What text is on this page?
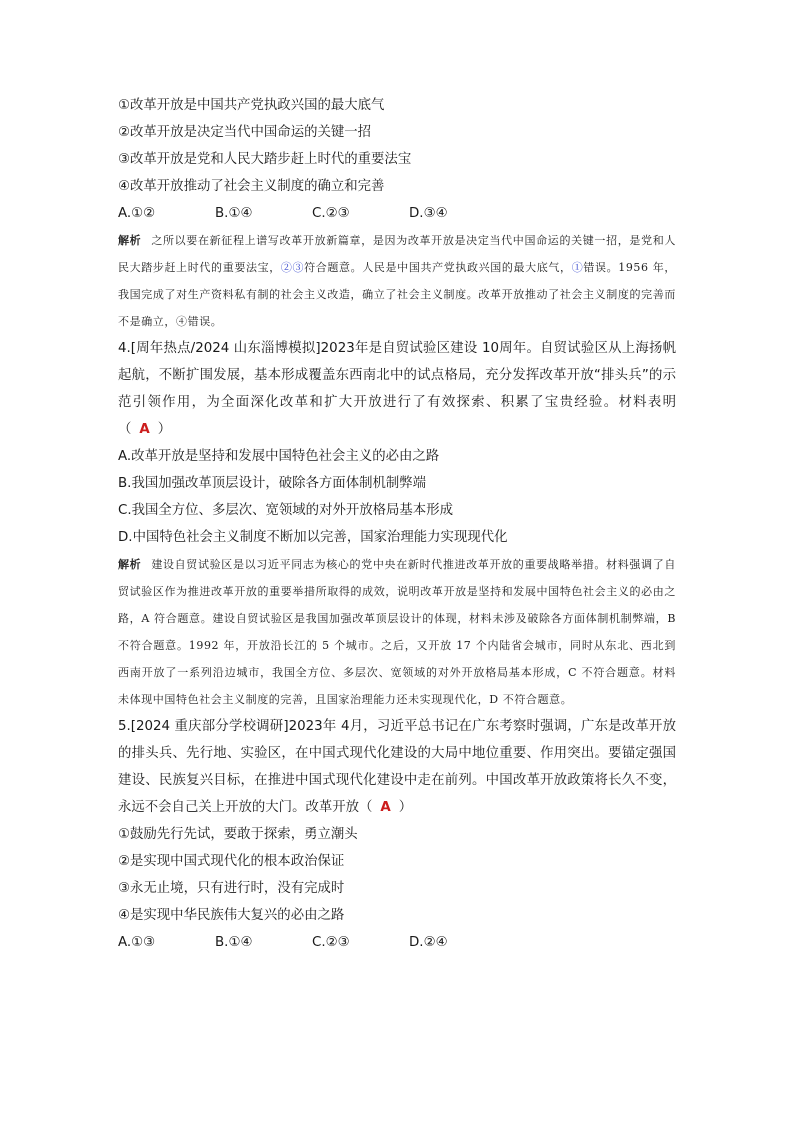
①改革开放是中国共产党执政兴国的最大底气
②改革开放是决定当代中国命运的关键一招
③改革开放是党和人民大踏步赶上时代的重要法宝
④改革开放推动了社会主义制度的确立和完善
A.①②	B.①④	C.②③	D.③④
解析 之所以要在新征程上谱写改革开放新篇章，是因为改革开放是决定当代中国命运的关键一招，是党和人民大踏步赶上时代的重要法宝，②③符合题意。人民是中国共产党执政兴国的最大底气，①错误。1956 年，我国完成了对生产资料私有制的社会主义改造，确立了社会主义制度。改革开放推动了社会主义制度的完善而不是确立，④错误。
4.[周年热点/2024 山东淄博模拟]2023年是自贸试验区建设 10周年。自贸试验区从上海扬帆起航，不断扩围发展，基本形成覆盖东西南北中的试点格局，充分发挥改革开放“排头兵”的示范引领作用，为全面深化改革和扩大开放进行了有效探索、积累了宝贵经验。材料表明（ A ）
A.改革开放是坚持和发展中国特色社会主义的必由之路
B.我国加强改革顶层设计，破除各方面体制机制弊端
C.我国全方位、多层次、宽领域的对外开放格局基本形成
D.中国特色社会主义制度不断加以完善，国家治理能力实现现代化
解析 建设自贸试验区是以习近平同志为核心的党中央在新时代推进改革开放的重要战略举措。材料强调了自贸试验区作为推进改革开放的重要举措所取得的成效，说明改革开放是坚持和发展中国特色社会主义的必由之路，A 符合题意。建设自贸试验区是我国加强改革顶层设计的体现，材料未涉及破除各方面体制机制弊端，B 不符合题意。1992 年，开放沿长江的 5 个城市。之后，又开放 17 个内陆省会城市，同时从东北、西北到西南开放了一系列沿边城市，我国全方位、多层次、宽领域的对外开放格局基本形成，C 不符合题意。材料未体现中国特色社会主义制度的完善，且国家治理能力还未实现现代化，D 不符合题意。
5.[2024 重庆部分学校调研]2023年 4月，习近平总书记在广东考察时强调，广东是改革开放的排头兵、先行地、实验区，在中国式现代化建设的大局中地位重要、作用突出。要锚定强国建设、民族复兴目标，在推进中国式现代化建设中走在前列。中国改革开放政策将长久不变，永远不会自己关上开放的大门。改革开放（ A ）
①鼓励先行先试，要敢于探索，勇立潮头
②是实现中国式现代化的根本政治保证
③永无止境，只有进行时，没有完成时
④是实现中华民族伟大复兴的必由之路
A.①③	B.①④	C.②③	D.②④
